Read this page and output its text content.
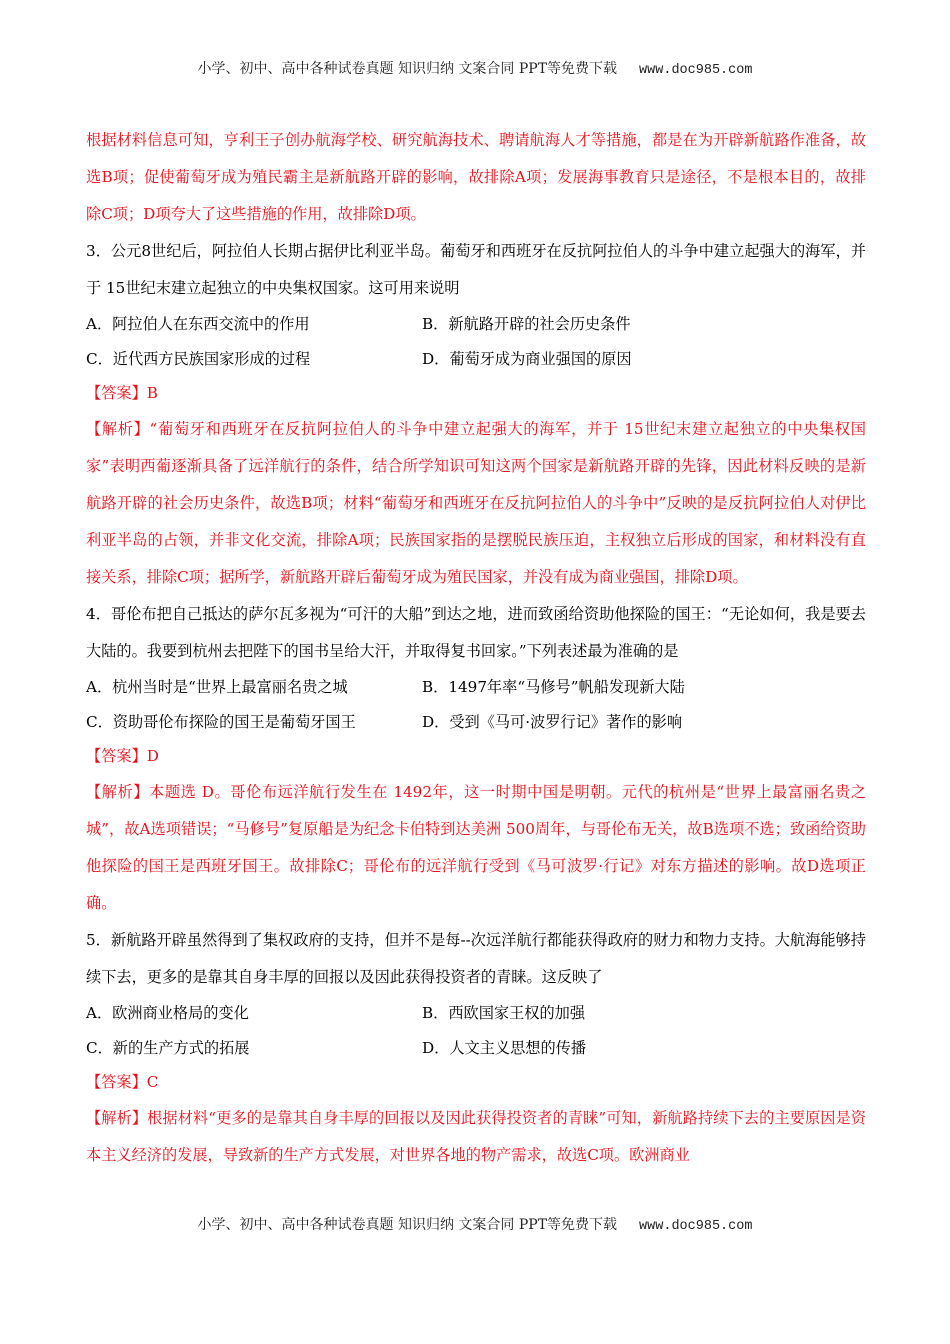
小学、初中、高中各种试卷真题 知识归纳 文案合同 PPT等免费下载 www.doc985.com

根据材料信息可知，亨利王子创办航海学校、研究航海技术、聘请航海人才等措施，都是在为开辟新航路作准备，故选B项；促使葡萄牙成为殖民霸主是新航路开辟的影响，故排除A项；发展海事教育只是途径，不是根本目的，故排除C项；D项夸大了这些措施的作用，故排除D项。

3．公元8世纪后，阿拉伯人长期占据伊比利亚半岛。葡萄牙和西班牙在反抗阿拉伯人的斗争中建立起强大的海军，并于 15世纪末建立起独立的中央集权国家。这可用来说明

A．阿拉伯人在东西交流中的作用	B．新航路开辟的社会历史条件
C．近代西方民族国家形成的过程	D．葡萄牙成为商业强国的原因
【答案】B

【解析】“葡萄牙和西班牙在反抗阿拉伯人的斗争中建立起强大的海军，并于 15世纪末建立起独立的中央集权国家”表明西葡逐渐具备了远洋航行的条件，结合所学知识可知这两个国家是新航路开辟的先锋，因此材料反映的是新航路开辟的社会历史条件，故选B项；材料“葡萄牙和西班牙在反抗阿拉伯人的斗争中”反映的是反抗阿拉伯人对伊比利亚半岛的占领，并非文化交流，排除A项；民族国家指的是摆脱民族压迫，主权独立后形成的国家，和材料没有直接关系，排除C项；据所学，新航路开辟后葡萄牙成为殖民国家，并没有成为商业强国，排除D项。

4．哥伦布把自己抵达的萨尔瓦多视为“可汗的大船”到达之地，进而致函给资助他探险的国王：“无论如何，我是要去大陆的。我要到杭州去把陛下的国书呈给大汗，并取得复书回家。”下列表述最为准确的是

A．杭州当时是“世界上最富丽名贵之城	B．1497年率“马修号”帆船发现新大陆
C．资助哥伦布探险的国王是葡萄牙国王	D．受到《马可·波罗行记》著作的影响
【答案】D

【解析】本题选 D。哥伦布远洋航行发生在 1492年，这一时期中国是明朝。元代的杭州是“世界上最富丽名贵之城”，故A选项错误；“马修号”复原船是为纪念卡伯特到达美洲 500周年，与哥伦布无关，故B选项不选；致函给资助他探险的国王是西班牙国王。故排除C；哥伦布的远洋航行受到《马可波罗·行记》对东方描述的影响。故D选项正确。

5．新航路开辟虽然得到了集权政府的支持，但并不是每--次远洋航行都能获得政府的财力和物力支持。大航海能够持续下去，更多的是靠其自身丰厚的回报以及因此获得投资者的青睐。这反映了

A．欧洲商业格局的变化	B．西欧国家王权的加强
C．新的生产方式的拓展	D．人文主义思想的传播
【答案】C

【解析】根据材料“更多的是靠其自身丰厚的回报以及因此获得投资者的青睐”可知，新航路持续下去的主要原因是资本主义经济的发展，导致新的生产方式发展，对世界各地的物产需求，故选C项。欧洲商业

小学、初中、高中各种试卷真题 知识归纳 文案合同 PPT等免费下载 www.doc985.com
